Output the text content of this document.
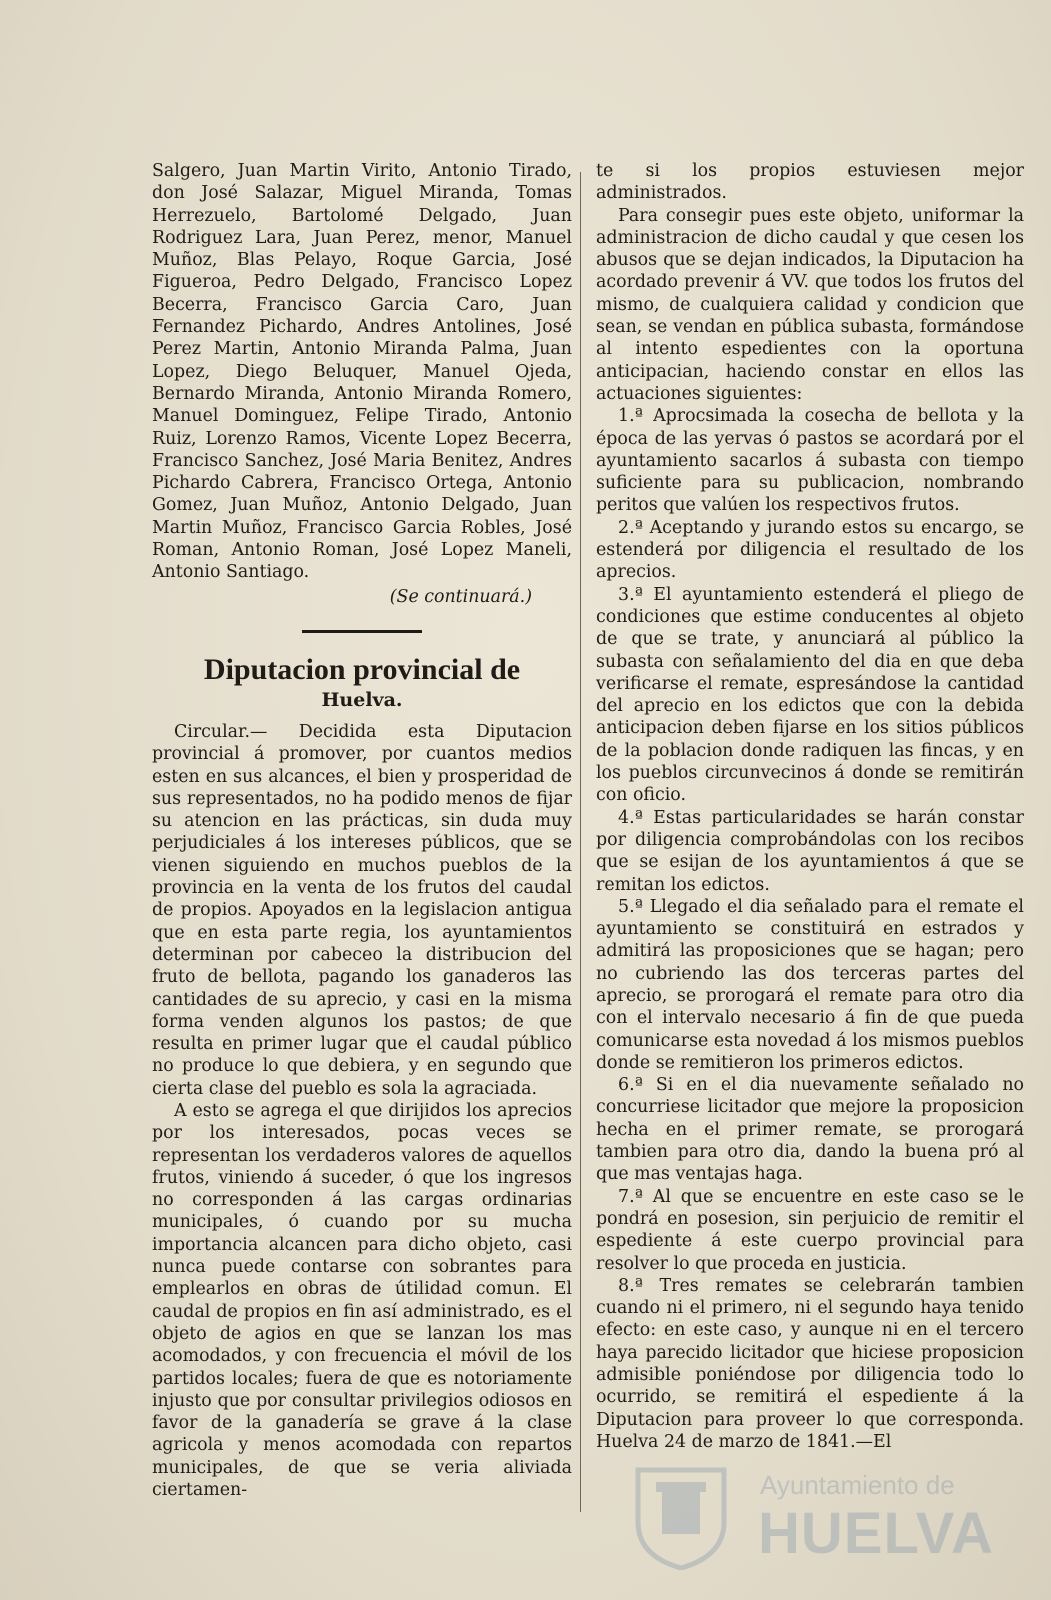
Salgero, Juan Martin Virito, Antonio Tirado, don José Salazar, Miguel Miranda, Tomas Herrezuelo, Bartolomé Delgado, Juan Rodriguez Lara, Juan Perez, menor, Manuel Muñoz, Blas Pelayo, Roque Garcia, José Figueroa, Pedro Delgado, Francisco Lopez Becerra, Francisco Garcia Caro, Juan Fernandez Pichardo, Andres Antolines, José Perez Martin, Antonio Miranda Palma, Juan Lopez, Diego Beluquer, Manuel Ojeda, Bernardo Miranda, Antonio Miranda Romero, Manuel Dominguez, Felipe Tirado, Antonio Ruiz, Lorenzo Ramos, Vicente Lopez Becerra, Francisco Sanchez, José Maria Benitez, Andres Pichardo Cabrera, Francisco Ortega, Antonio Gomez, Juan Muñoz, Antonio Delgado, Juan Martin Muñoz, Francisco Garcia Robles, José Roman, Antonio Roman, José Lopez Maneli, Antonio Santiago.

(Se continuará.)

Diputacion provincial de
Huelva.

Circular.— Decidida esta Diputacion provincial á promover, por cuantos medios esten en sus alcances, el bien y prosperidad de sus representados, no ha podido menos de fijar su atencion en las prácticas, sin duda muy perjudiciales á los intereses públicos, que se vienen siguiendo en muchos pueblos de la provincia en la venta de los frutos del caudal de propios. Apoyados en la legislacion antigua que en esta parte regia, los ayuntamientos determinan por cabeceo la distribucion del fruto de bellota, pagando los ganaderos las cantidades de su aprecio, y casi en la misma forma venden algunos los pastos; de que resulta en primer lugar que el caudal público no produce lo que debiera, y en segundo que cierta clase del pueblo es sola la agraciada.

A esto se agrega el que dirijidos los aprecios por los interesados, pocas veces se representan los verdaderos valores de aquellos frutos, viniendo á suceder, ó que los ingresos no corresponden á las cargas ordinarias municipales, ó cuando por su mucha importancia alcancen para dicho objeto, casi nunca puede contarse con sobrantes para emplearlos en obras de útilidad comun. El caudal de propios en fin así administrado, es el objeto de agios en que se lanzan los mas acomodados, y con frecuencia el móvil de los partidos locales; fuera de que es notoriamente injusto que por consultar privilegios odiosos en favor de la ganadería se grave á la clase agricola y menos acomodada con repartos municipales, de que se veria aliviada ciertamen-

te si los propios estuviesen mejor administrados.

Para consegir pues este objeto, uniformar la administracion de dicho caudal y que cesen los abusos que se dejan indicados, la Diputacion ha acordado prevenir á VV. que todos los frutos del mismo, de cualquiera calidad y condicion que sean, se vendan en pública subasta, formándose al intento espedientes con la oportuna anticipacian, haciendo constar en ellos las actuaciones siguientes:

1.ª Aprocsimada la cosecha de bellota y la época de las yervas ó pastos se acordará por el ayuntamiento sacarlos á subasta con tiempo suficiente para su publicacion, nombrando peritos que valúen los respectivos frutos.

2.ª Aceptando y jurando estos su encargo, se estenderá por diligencia el resultado de los aprecios.

3.ª El ayuntamiento estenderá el pliego de condiciones que estime conducentes al objeto de que se trate, y anunciará al público la subasta con señalamiento del dia en que deba verificarse el remate, espresándose la cantidad del aprecio en los edictos que con la debida anticipacion deben fijarse en los sitios públicos de la poblacion donde radiquen las fincas, y en los pueblos circunvecinos á donde se remitirán con oficio.

4.ª Estas particularidades se harán constar por diligencia comprobándolas con los recibos que se esijan de los ayuntamientos á que se remitan los edictos.

5.ª Llegado el dia señalado para el remate el ayuntamiento se constituirá en estrados y admitirá las proposiciones que se hagan; pero no cubriendo las dos terceras partes del aprecio, se prorogará el remate para otro dia con el intervalo necesario á fin de que pueda comunicarse esta novedad á los mismos pueblos donde se remitieron los primeros edictos.

6.ª Si en el dia nuevamente señalado no concurriese licitador que mejore la proposicion hecha en el primer remate, se prorogará tambien para otro dia, dando la buena pró al que mas ventajas haga.

7.ª Al que se encuentre en este caso se le pondrá en posesion, sin perjuicio de remitir el espediente á este cuerpo provincial para resolver lo que proceda en justicia.

8.ª Tres remates se celebrarán tambien cuando ni el primero, ni el segundo haya tenido efecto: en este caso, y aunque ni en el tercero haya parecido licitador que hiciese proposicion admisible poniéndose por diligencia todo lo ocurrido, se remitirá el espediente á la Diputacion para proveer lo que corresponda. Huelva 24 de marzo de 1841.—El

Ayuntamiento de
HUELVA
